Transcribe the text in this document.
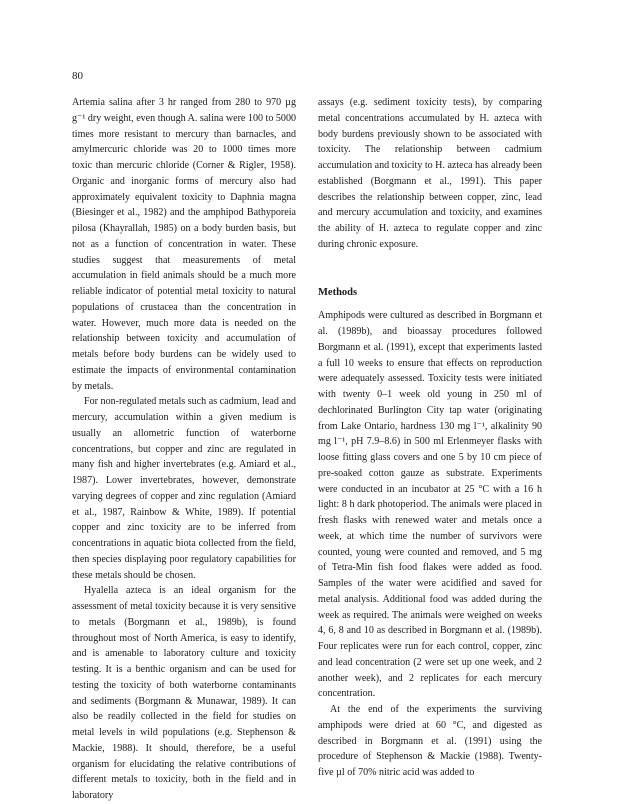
80

Artemia salina after 3 hr ranged from 280 to 970 µg g⁻¹ dry weight, even though A. salina were 100 to 5000 times more resistant to mercury than barnacles, and amylmercuric chloride was 20 to 1000 times more toxic than mercuric chloride (Corner & Rigler, 1958). Organic and inorganic forms of mercury also had approximately equivalent toxicity to Daphnia magna (Biesinger et al., 1982) and the amphipod Bathyporeia pilosa (Khayrallah, 1985) on a body burden basis, but not as a function of concentration in water. These studies suggest that measurements of metal accumulation in field animals should be a much more reliable indicator of potential metal toxicity to natural populations of crustacea than the concentration in water. However, much more data is needed on the relationship between toxicity and accumulation of metals before body burdens can be widely used to estimate the impacts of environmental contamination by metals.

For non-regulated metals such as cadmium, lead and mercury, accumulation within a given medium is usually an allometric function of waterborne concentrations, but copper and zinc are regulated in many fish and higher invertebrates (e.g. Amiard et al., 1987). Lower invertebrates, however, demonstrate varying degrees of copper and zinc regulation (Amiard et al., 1987, Rainbow & White, 1989). If potential copper and zinc toxicity are to be inferred from concentrations in aquatic biota collected from the field, then species displaying poor regulatory capabilities for these metals should be chosen.

Hyalella azteca is an ideal organism for the assessment of metal toxicity because it is very sensitive to metals (Borgmann et al., 1989b), is found throughout most of North America, is easy to identify, and is amenable to laboratory culture and toxicity testing. It is a benthic organism and can be used for testing the toxicity of both waterborne contaminants and sediments (Borgmann & Munawar, 1989). It can also be readily collected in the field for studies on metal levels in wild populations (e.g. Stephenson & Mackie, 1988). It should, therefore, be a useful organism for elucidating the relative contributions of different metals to toxicity, both in the field and in laboratory

assays (e.g. sediment toxicity tests), by comparing metal concentrations accumulated by H. azteca with body burdens previously shown to be associated with toxicity. The relationship between cadmium accumulation and toxicity to H. azteca has already been established (Borgmann et al., 1991). This paper describes the relationship between copper, zinc, lead and mercury accumulation and toxicity, and examines the ability of H. azteca to regulate copper and zinc during chronic exposure.

Methods

Amphipods were cultured as described in Borgmann et al. (1989b), and bioassay procedures followed Borgmann et al. (1991), except that experiments lasted a full 10 weeks to ensure that effects on reproduction were adequately assessed. Toxicity tests were initiated with twenty 0–1 week old young in 250 ml of dechlorinated Burlington City tap water (originating from Lake Ontario, hardness 130 mg l⁻¹, alkalinity 90 mg l⁻¹, pH 7.9–8.6) in 500 ml Erlenmeyer flasks with loose fitting glass covers and one 5 by 10 cm piece of pre-soaked cotton gauze as substrate. Experiments were conducted in an incubator at 25 °C with a 16 h light: 8 h dark photoperiod. The animals were placed in fresh flasks with renewed water and metals once a week, at which time the number of survivors were counted, young were counted and removed, and 5 mg of Tetra-Min fish food flakes were added as food. Samples of the water were acidified and saved for metal analysis. Additional food was added during the week as required. The animals were weighed on weeks 4, 6, 8 and 10 as described in Borgmann et al. (1989b). Four replicates were run for each control, copper, zinc and lead concentration (2 were set up one week, and 2 another week), and 2 replicates for each mercury concentration.

At the end of the experiments the surviving amphipods were dried at 60 °C, and digested as described in Borgmann et al. (1991) using the procedure of Stephenson & Mackie (1988). Twenty-five µl of 70% nitric acid was added to
